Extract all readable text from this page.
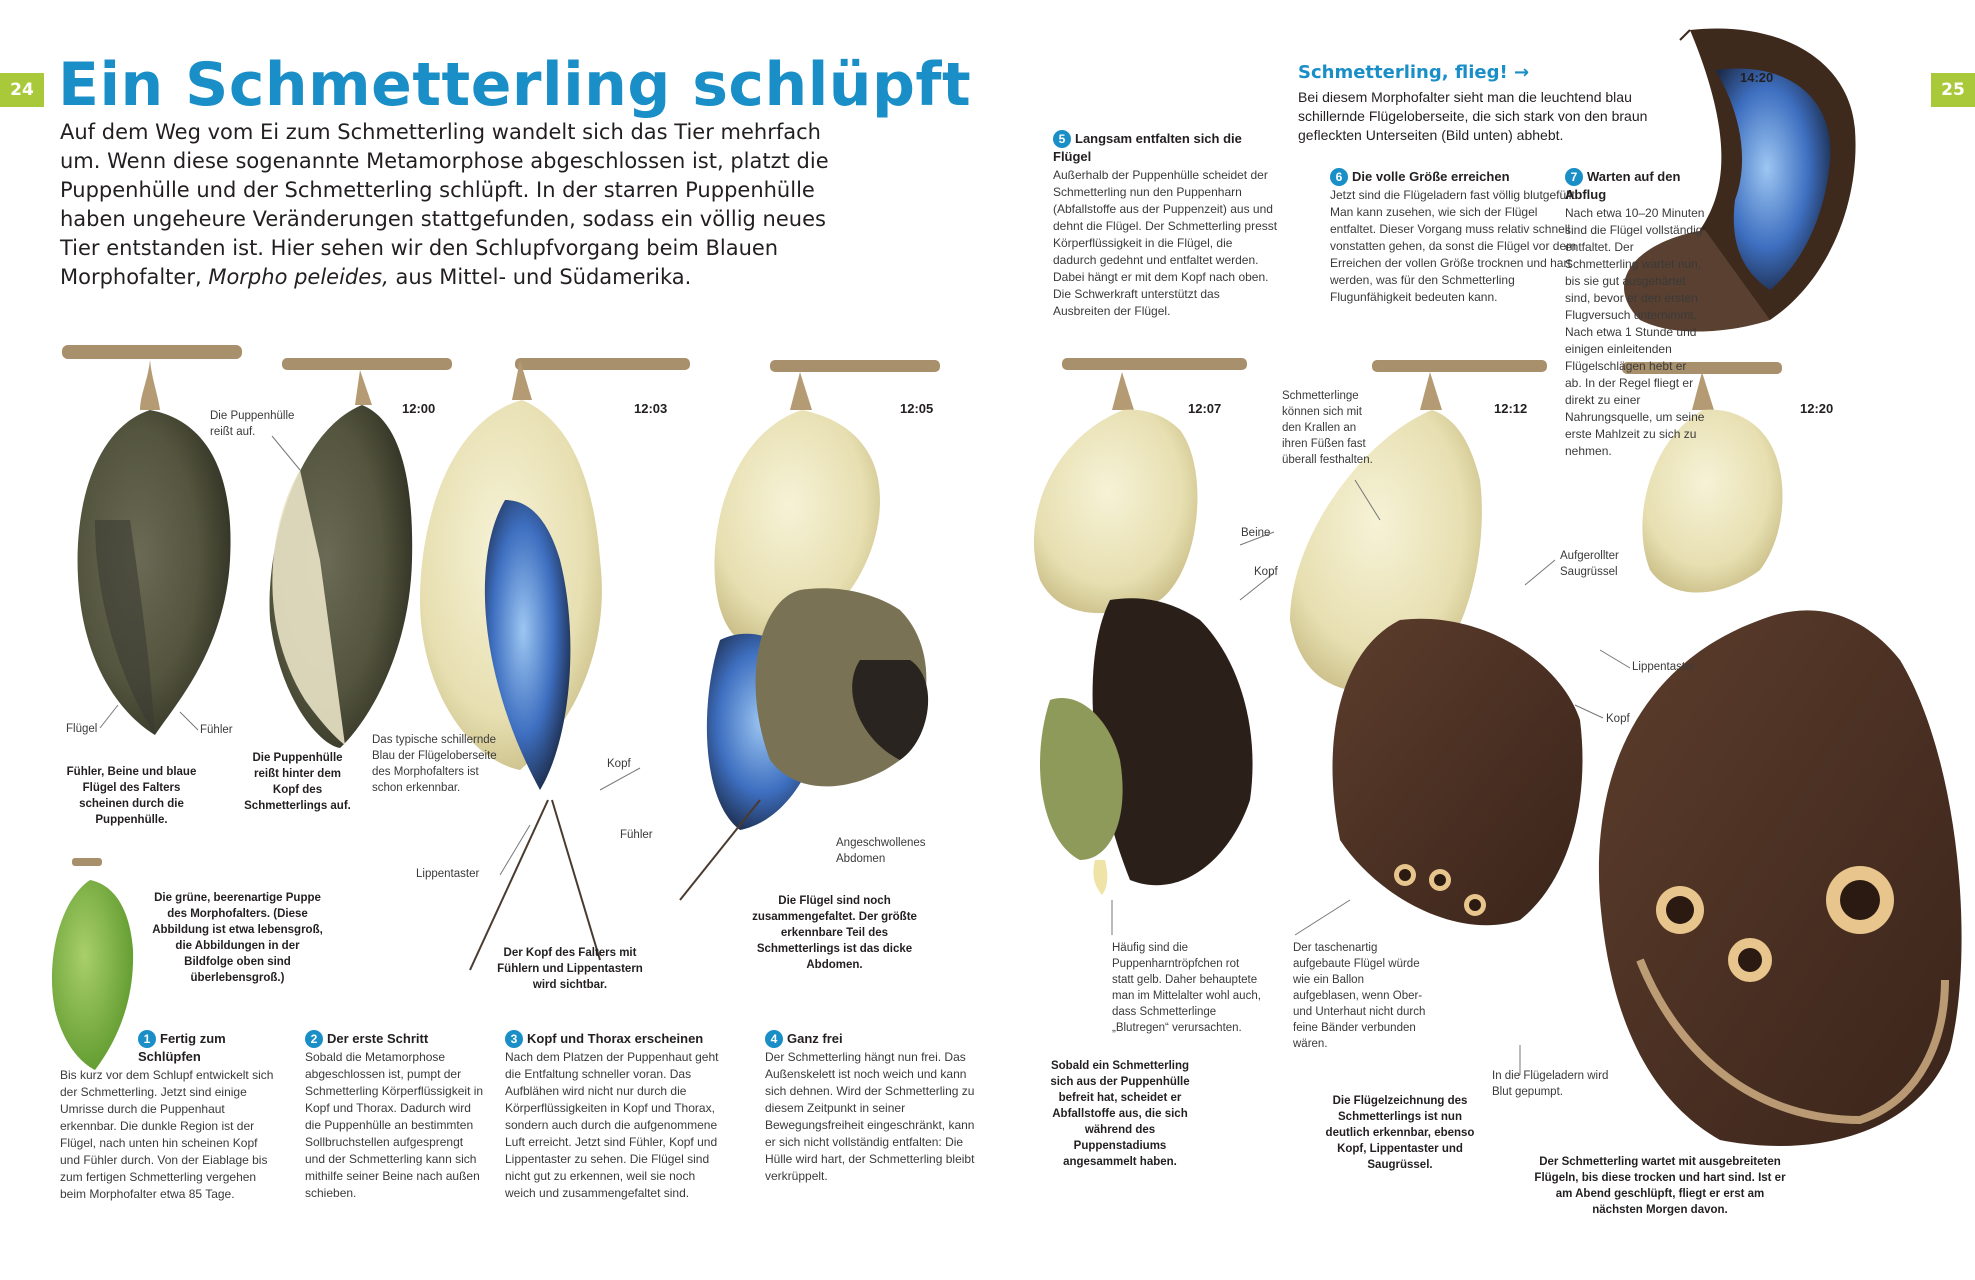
24	25
Ein Schmetterling schlüpft

Auf dem Weg vom Ei zum Schmetterling wandelt sich das Tier mehrfach um. Wenn diese sogenannte Metamorphose abgeschlossen ist, platzt die Puppenhülle und der Schmetterling schlüpft. In der starren Puppenhülle haben ungeheure Veränderungen stattgefunden, sodass ein völlig neues Tier entstanden ist. Hier sehen wir den Schlupfvorgang beim Blauen Morphofalter, Morpho peleides, aus Mittel- und Südamerika.

Schmetterling, flieg! →
Bei diesem Morphofalter sieht man die leuchtend blau schillernde Flügeloberseite, die sich stark von den braun gefleckten Unterseiten (Bild unten) abhebt.
14:20
12:00	12:03	12:05	12:07	12:12	12:20
Die Puppenhülle reißt auf.
Flügel	Fühler
Das typische schillernde Blau der Flügeloberseite des Morphofalters ist schon erkennbar.
Kopf
Fühler
Lippentaster
Angeschwollenes Abdomen
Beine
Kopf
Schmetterlinge können sich mit den Krallen an ihren Füßen fast überall festhalten.
Aufgerollter Saugrüssel
Lippentaster
Kopf
Häufig sind die Puppenharntröpfchen rot statt gelb. Daher behauptete man im Mittelalter wohl auch, dass Schmetterlinge „Blutregen“ verursachten.
Der taschenartig aufgebaute Flügel würde wie ein Ballon aufgeblasen, wenn Ober- und Unterhaut nicht durch feine Bänder verbunden wären.
In die Flügeladern wird Blut gepumpt.
Fühler, Beine und blaue Flügel des Falters scheinen durch die Puppenhülle.
Die Puppenhülle reißt hinter dem Kopf des Schmetterlings auf.
Die grüne, beerenartige Puppe des Morphofalters. (Diese Abbildung ist etwa lebensgroß, die Abbildungen in der Bildfolge oben sind überlebensgroß.)
Der Kopf des Falters mit Fühlern und Lippentastern wird sichtbar.
Die Flügel sind noch zusammengefaltet. Der größte erkennbare Teil des Schmetterlings ist das dicke Abdomen.
Sobald ein Schmetterling sich aus der Puppenhülle befreit hat, scheidet er Abfallstoffe aus, die sich während des Puppenstadiums angesammelt haben.
Die Flügelzeichnung des Schmetterlings ist nun deutlich erkennbar, ebenso Kopf, Lippentaster und Saugrüssel.	Der Schmetterling wartet mit ausgebreiteten Flügeln, bis diese trocken und hart sind. Ist er am Abend geschlüpft, fliegt er erst am nächsten Morgen davon.
1 Fertig zum Schlüpfen
Bis kurz vor dem Schlupf entwickelt sich der Schmetterling. Jetzt sind einige Umrisse durch die Puppenhaut erkennbar. Die dunkle Region ist der Flügel, nach unten hin scheinen Kopf und Fühler durch. Von der Eiablage bis zum fertigen Schmetterling vergehen beim Morphofalter etwa 85 Tage.
2 Der erste Schritt
Sobald die Metamorphose abgeschlossen ist, pumpt der Schmetterling Körperflüssigkeit in Kopf und Thorax. Dadurch wird die Puppenhülle an bestimmten Sollbruchstellen aufgesprengt und der Schmetterling kann sich mithilfe seiner Beine nach außen schieben.
3 Kopf und Thorax erscheinen
Nach dem Platzen der Puppenhaut geht die Entfaltung schneller voran. Das Aufblähen wird nicht nur durch die Körperflüssigkeiten in Kopf und Thorax, sondern auch durch die aufgenommene Luft erreicht. Jetzt sind Fühler, Kopf und Lippentaster zu sehen. Die Flügel sind nicht gut zu erkennen, weil sie noch weich und zusammengefaltet sind.
4 Ganz frei
Der Schmetterling hängt nun frei. Das Außenskelett ist noch weich und kann sich dehnen. Wird der Schmetterling zu diesem Zeitpunkt in seiner Bewegungsfreiheit eingeschränkt, kann er sich nicht vollständig entfalten: Die Hülle wird hart, der Schmetterling bleibt verkrüppelt.
5 Langsam entfalten sich die Flügel
Außerhalb der Puppenhülle scheidet der Schmetterling nun den Puppenharn (Abfallstoffe aus der Puppenzeit) aus und dehnt die Flügel. Der Schmetterling presst Körperflüssigkeit in die Flügel, die dadurch gedehnt und entfaltet werden. Dabei hängt er mit dem Kopf nach oben. Die Schwerkraft unterstützt das Ausbreiten der Flügel.
6 Die volle Größe erreichen
Jetzt sind die Flügeladern fast völlig blutgefüllt. Man kann zusehen, wie sich der Flügel entfaltet. Dieser Vorgang muss relativ schnell vonstatten gehen, da sonst die Flügel vor dem Erreichen der vollen Größe trocknen und hart werden, was für den Schmetterling Flugunfähigkeit bedeuten kann.
7 Warten auf den Abflug
Nach etwa 10–20 Minuten sind die Flügel vollständig entfaltet. Der Schmetterling wartet nun, bis sie gut ausgehärtet sind, bevor er den ersten Flugversuch unternimmt. Nach etwa 1 Stunde und einigen einleitenden Flügelschlägen hebt er ab. In der Regel fliegt er direkt zu einer Nahrungsquelle, um seine erste Mahlzeit zu sich zu nehmen.
